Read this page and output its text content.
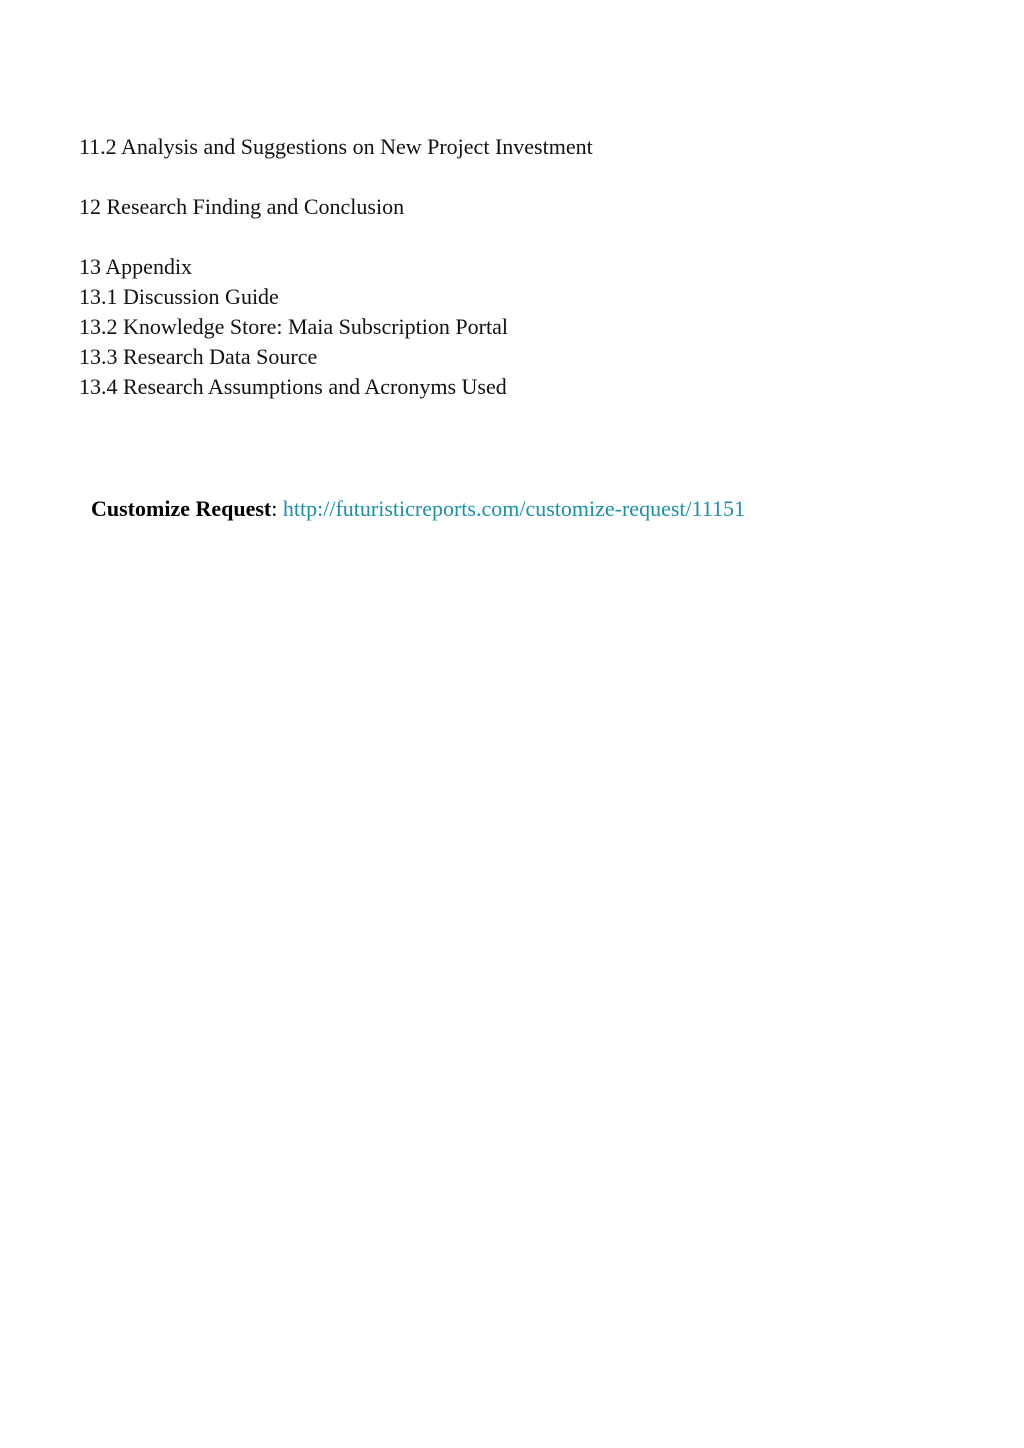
11.2 Analysis and Suggestions on New Project Investment
12 Research Finding and Conclusion
13 Appendix
13.1 Discussion Guide
13.2 Knowledge Store: Maia Subscription Portal
13.3 Research Data Source
13.4 Research Assumptions and Acronyms Used
Customize Request: http://futuristicreports.com/customize-request/11151
